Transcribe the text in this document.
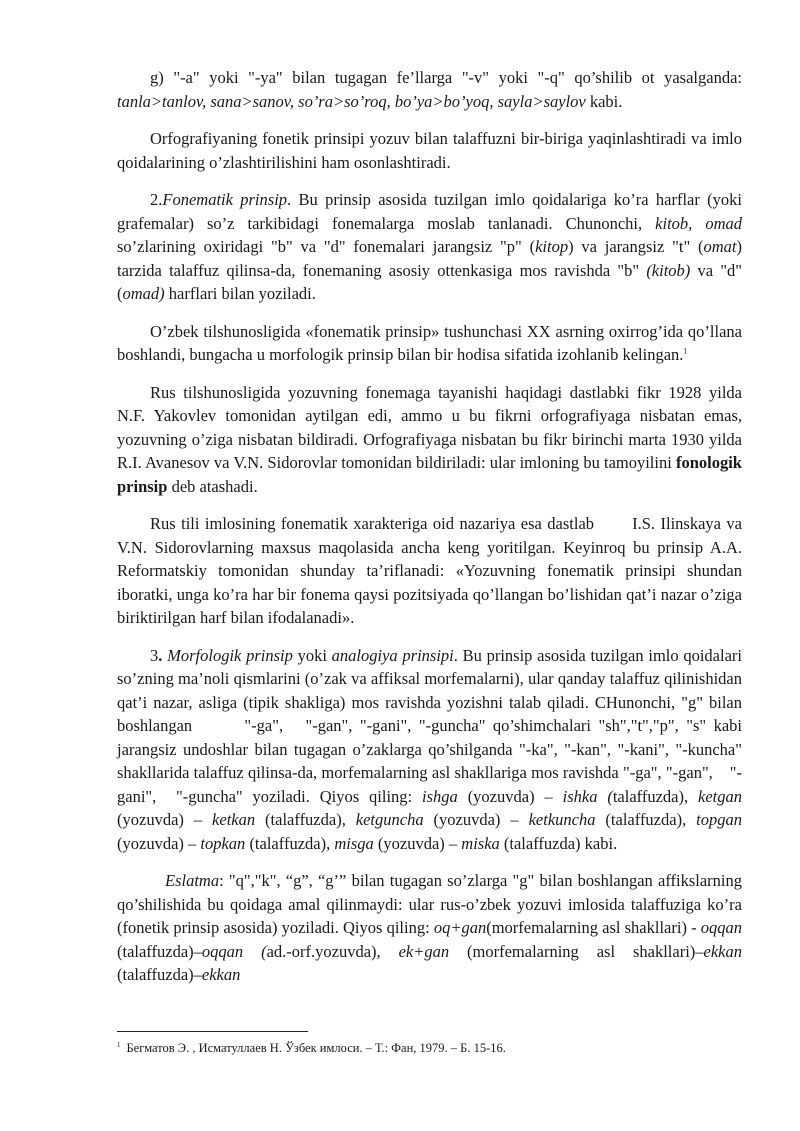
g) "-a" yoki "-ya" bilan tugagan fe’llarga "-v" yoki "-q" qo’shilib ot yasalganda: tanla>tanlov, sana>sanov, so’ra>so’roq, bo’ya>bo’yoq, sayla>saylov kabi.

Orfografiyaning fonetik prinsipi yozuv bilan talaffuzni bir-biriga yaqinlashtiradi va imlo qoidalarining o’zlashtirilishini ham osonlashtiradi.

2.Fonematik prinsip. Bu prinsip asosida tuzilgan imlo qoidalariga ko’ra harflar (yoki grafemalar) so’z tarkibidagi fonemalarga moslab tanlanadi. Chunonchi, kitob, omad so’zlarining oxiridagi "b" va "d" fonemalari jarangsiz "p" (kitop) va jarangsiz "t" (omat) tarzida talaffuz qilinsa-da, fonemaning asosiy ottenkasiga mos ravishda "b" (kitob) va "d" (omad) harflari bilan yoziladi.

O’zbek tilshunosligida «fonematik prinsip» tushunchasi XX asrning oxirrog’ida qo’llana boshlandi, bungacha u morfologik prinsip bilan bir hodisa sifatida izohlanib kelingan.$^1$

Rus tilshunosligida yozuvning fonemaga tayanishi haqidagi dastlabki fikr 1928 yilda N.F. Yakovlev tomonidan aytilgan edi, ammo u bu fikrni orfografiyaga nisbatan emas, yozuvning o’ziga nisbatan bildiradi. Orfografiyaga nisbatan bu fikr birinchi marta 1930 yilda R.I. Avanesov va V.N. Sidorovlar tomonidan bildiriladi: ular imloning bu tamoyilini fonologik prinsip deb atashadi.

Rus tili imlosining fonematik xarakteriga oid nazariya esa dastlab       I.S. Ilinskaya va V.N. Sidorovlarning maxsus maqolasida ancha keng yoritilgan. Keyinroq bu prinsip A.A. Reformatskiy tomonidan shunday ta’riflanadi: «Yozuvning fonematik prinsipi shundan iboratki, unga ko’ra har bir fonema qaysi pozitsiyada qo’llangan bo’lishidan qat’i nazar o’ziga biriktirilgan harf bilan ifodalanadi».

3. Morfologik prinsip yoki analogiya prinsipi. Bu prinsip asosida tuzilgan imlo qoidalari so’zning ma’noli qismlarini (o’zak va affiksal morfemalarni), ular qanday talaffuz qilinishidan qat’i nazar, asliga (tipik shakliga) mos ravishda yozishni talab qiladi. CHunonchi, "g" bilan boshlangan       "-ga",   "-gan", "-gani", "-guncha" qo’shimchalari "sh","t","p", "s" kabi jarangsiz undoshlar bilan tugagan o’zaklarga qo’shilganda "-ka", "-kan", "-kani", "-kuncha" shakllarida talaffuz qilinsa-da, morfemalarning asl shakllariga mos ravishda "-ga", "-gan",    "-gani",  "-guncha" yoziladi. Qiyos qiling: ishga (yozuvda) – ishka (talaffuzda), ketgan (yozuvda) – ketkan (talaffuzda), ketguncha (yozuvda) – ketkuncha (talaffuzda), topgan (yozuvda) – topkan (talaffuzda), misga (yozuvda) – miska (talaffuzda) kabi.

Eslatma: "q","k", “g”, “g’” bilan tugagan so’zlarga "g" bilan boshlangan affikslarning qo’shilishida bu qoidaga amal qilinmaydi: ular rus-o’zbek yozuvi imlosida talaffuziga ko’ra (fonetik prinsip asosida) yoziladi. Qiyos qiling: oq+gan(morfemalarning asl shakllari) - oqqan (talaffuzda)–oqqan (ad.-orf.yozuvda), ek+gan (morfemalarning asl shakllari)–ekkan (talaffuzda)–ekkan

$^1$ Бегматов Э. , Исматуллаев Н. Ўзбек имлоси. – Т.: Фан, 1979. – Б. 15-16.
